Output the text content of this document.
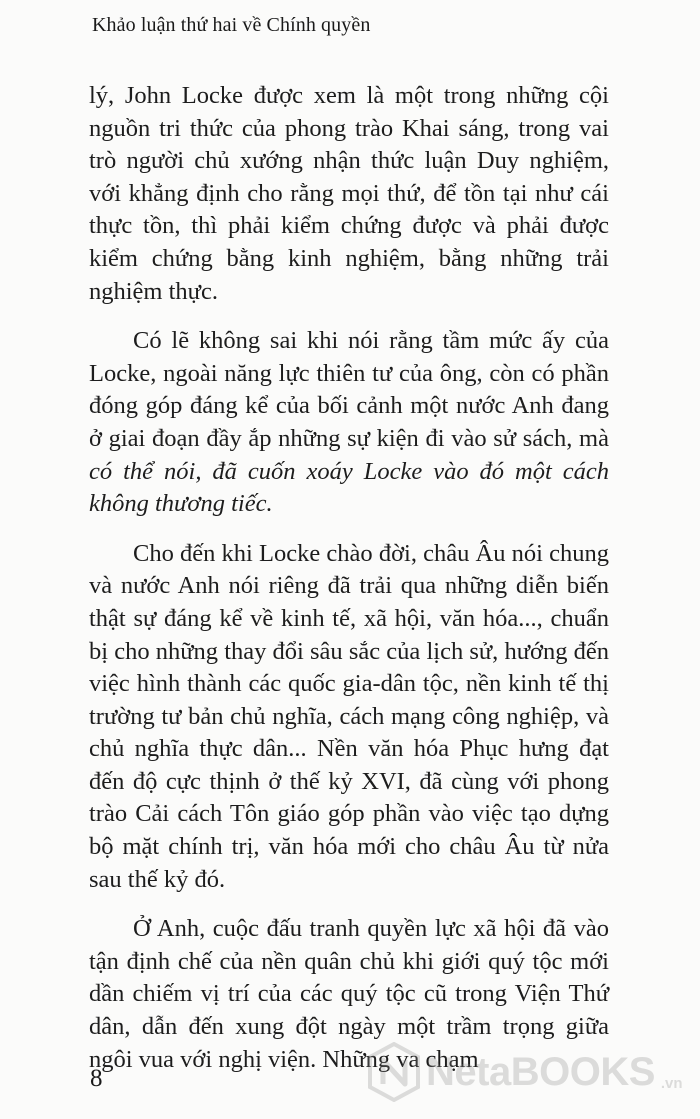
Khảo luận thứ hai về Chính quyền

lý, John Locke được xem là một trong những cội nguồn tri thức của phong trào Khai sáng, trong vai trò người chủ xướng nhận thức luận Duy nghiệm, với khẳng định cho rằng mọi thứ, để tồn tại như cái thực tồn, thì phải kiểm chứng được và phải được kiểm chứng bằng kinh nghiệm, bằng những trải nghiệm thực.

Có lẽ không sai khi nói rằng tầm mức ấy của Locke, ngoài năng lực thiên tư của ông, còn có phần đóng góp đáng kể của bối cảnh một nước Anh đang ở giai đoạn đầy ắp những sự kiện đi vào sử sách, mà có thể nói, đã cuốn xoáy Locke vào đó một cách không thương tiếc.

Cho đến khi Locke chào đời, châu Âu nói chung và nước Anh nói riêng đã trải qua những diễn biến thật sự đáng kể về kinh tế, xã hội, văn hóa..., chuẩn bị cho những thay đổi sâu sắc của lịch sử, hướng đến việc hình thành các quốc gia-dân tộc, nền kinh tế thị trường tư bản chủ nghĩa, cách mạng công nghiệp, và chủ nghĩa thực dân... Nền văn hóa Phục hưng đạt đến độ cực thịnh ở thế kỷ XVI, đã cùng với phong trào Cải cách Tôn giáo góp phần vào việc tạo dựng bộ mặt chính trị, văn hóa mới cho châu Âu từ nửa sau thế kỷ đó.

Ở Anh, cuộc đấu tranh quyền lực xã hội đã vào tận định chế của nền quân chủ khi giới quý tộc mới dần chiếm vị trí của các quý tộc cũ trong Viện Thứ dân, dẫn đến xung đột ngày một trầm trọng giữa ngôi vua với nghị viện. Những va chạm

8	NetaBOOKS .vn
